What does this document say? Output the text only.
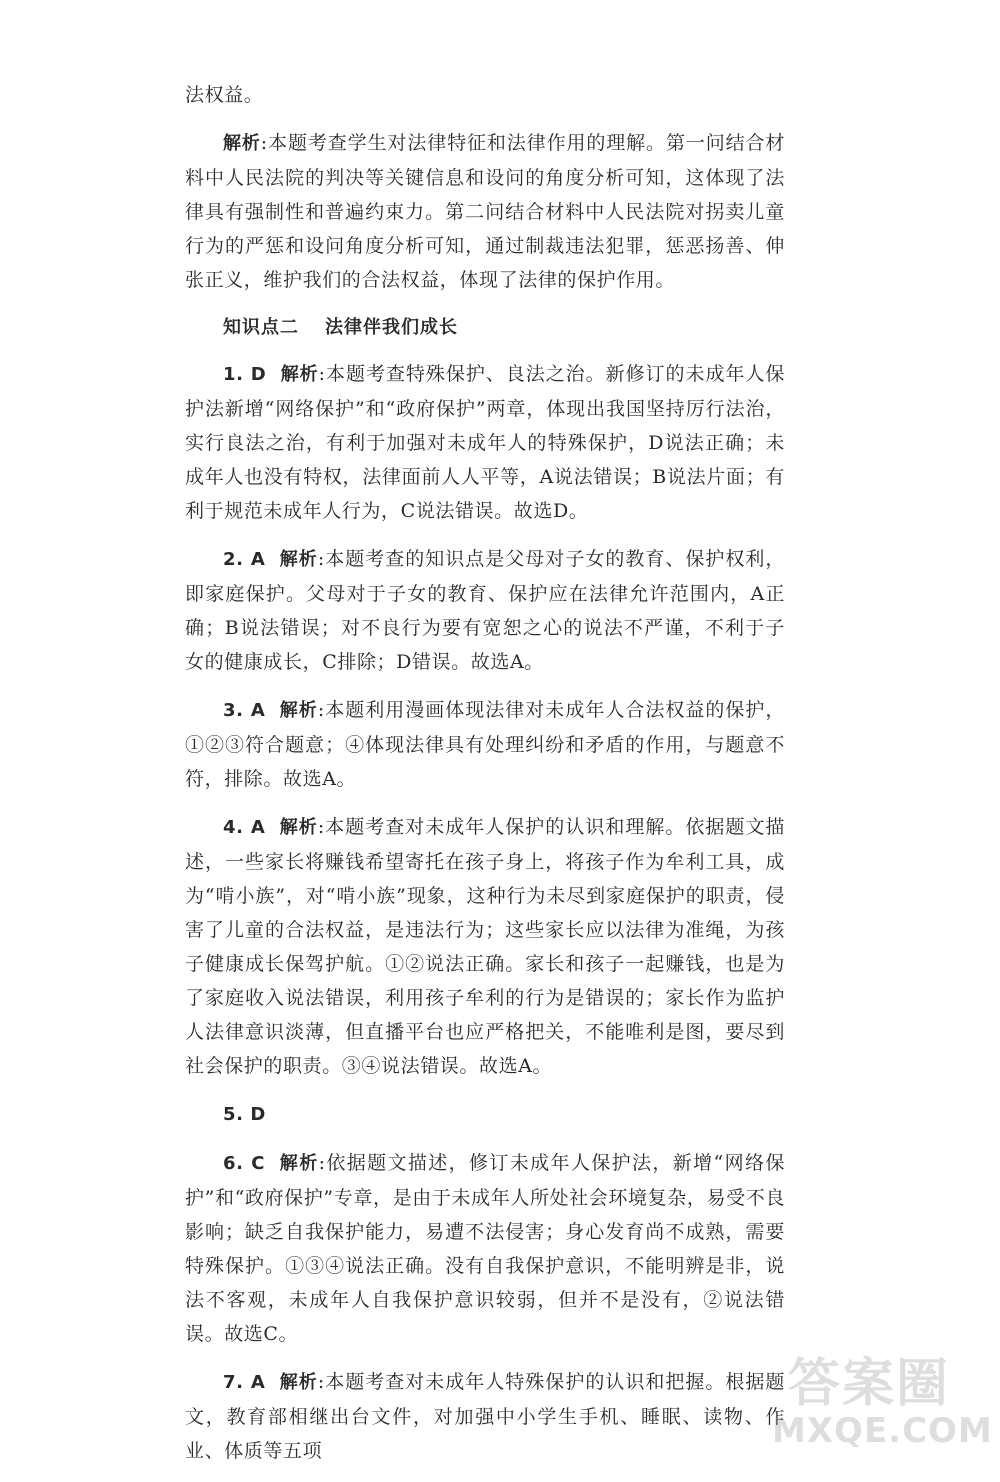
法权益。

解析:本题考查学生对法律特征和法律作用的理解。第一问结合材料中人民法院的判决等关键信息和设问的角度分析可知，这体现了法律具有强制性和普遍约束力。第二问结合材料中人民法院对拐卖儿童行为的严惩和设问角度分析可知，通过制裁违法犯罪，惩恶扬善、伸张正义，维护我们的合法权益，体现了法律的保护作用。

知识点二 法律伴我们成长

1. D 解析:本题考查特殊保护、良法之治。新修订的未成年人保护法新增“网络保护”和“政府保护”两章，体现出我国坚持厉行法治，实行良法之治，有利于加强对未成年人的特殊保护，D说法正确；未成年人也没有特权，法律面前人人平等，A说法错误；B说法片面；有利于规范未成年人行为，C说法错误。故选D。

2. A 解析:本题考查的知识点是父母对子女的教育、保护权利，即家庭保护。父母对于子女的教育、保护应在法律允许范围内，A正确；B说法错误；对不良行为要有宽恕之心的说法不严谨，不利于子女的健康成长，C排除；D错误。故选A。

3. A 解析:本题利用漫画体现法律对未成年人合法权益的保护，①②③符合题意；④体现法律具有处理纠纷和矛盾的作用，与题意不符，排除。故选A。

4. A 解析:本题考查对未成年人保护的认识和理解。依据题文描述，一些家长将赚钱希望寄托在孩子身上，将孩子作为牟利工具，成为“啃小族”，对“啃小族”现象，这种行为未尽到家庭保护的职责，侵害了儿童的合法权益，是违法行为；这些家长应以法律为准绳，为孩子健康成长保驾护航。①②说法正确。家长和孩子一起赚钱，也是为了家庭收入说法错误，利用孩子牟利的行为是错误的；家长作为监护人法律意识淡薄，但直播平台也应严格把关，不能唯利是图，要尽到社会保护的职责。③④说法错误。故选A。

5. D

6. C 解析:依据题文描述，修订未成年人保护法，新增“网络保护”和“政府保护”专章，是由于未成年人所处社会环境复杂，易受不良影响；缺乏自我保护能力，易遭不法侵害；身心发育尚不成熟，需要特殊保护。①③④说法正确。没有自我保护意识，不能明辨是非，说法不客观，未成年人自我保护意识较弱，但并不是没有，②说法错误。故选C。

7. A 解析:本题考查对未成年人特殊保护的认识和把握。根据题文，教育部相继出台文件，对加强中小学生手机、睡眠、读物、作业、体质等五项

答案圈
MXQE.COM
